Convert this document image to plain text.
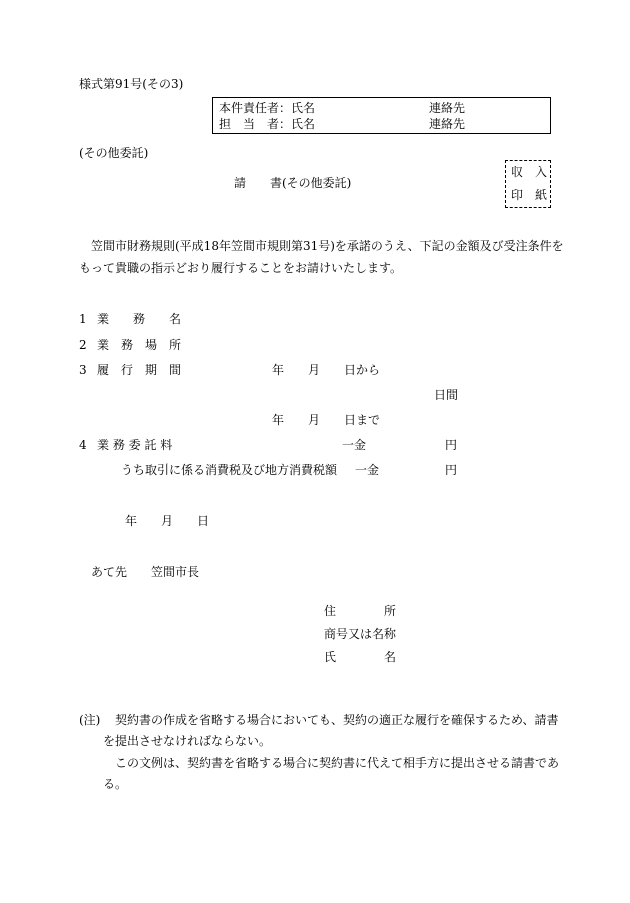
様式第91号(その3)
本件責任者：氏名	連絡先
担　当　者：氏名	連絡先
(その他委託)
請　　書(その他委託)
収　入
印　紙
笠間市財務規則(平成18年笠間市規則第31号)を承諾のうえ、下記の金額及び受注条件を
もって貴職の指示どおり履行することをお請けいたします。
1 業　　務　　名
2 業　務　場　所
3 履　行　期　間	年　　月　　日から
日間
年　　月　　日まで
4 業 務 委 託 料	一金	円
うち取引に係る消費税及び地方消費税額 一金	円
年　　月　　日
あて先　　笠間市長
住　　　　所
商号又は名称
氏　　　　名
(注) 契約書の作成を省略する場合においても、契約の適正な履行を確保するため、請書
を提出させなければならない。
この文例は、契約書を省略する場合に契約書に代えて相手方に提出させる請書であ
る。
